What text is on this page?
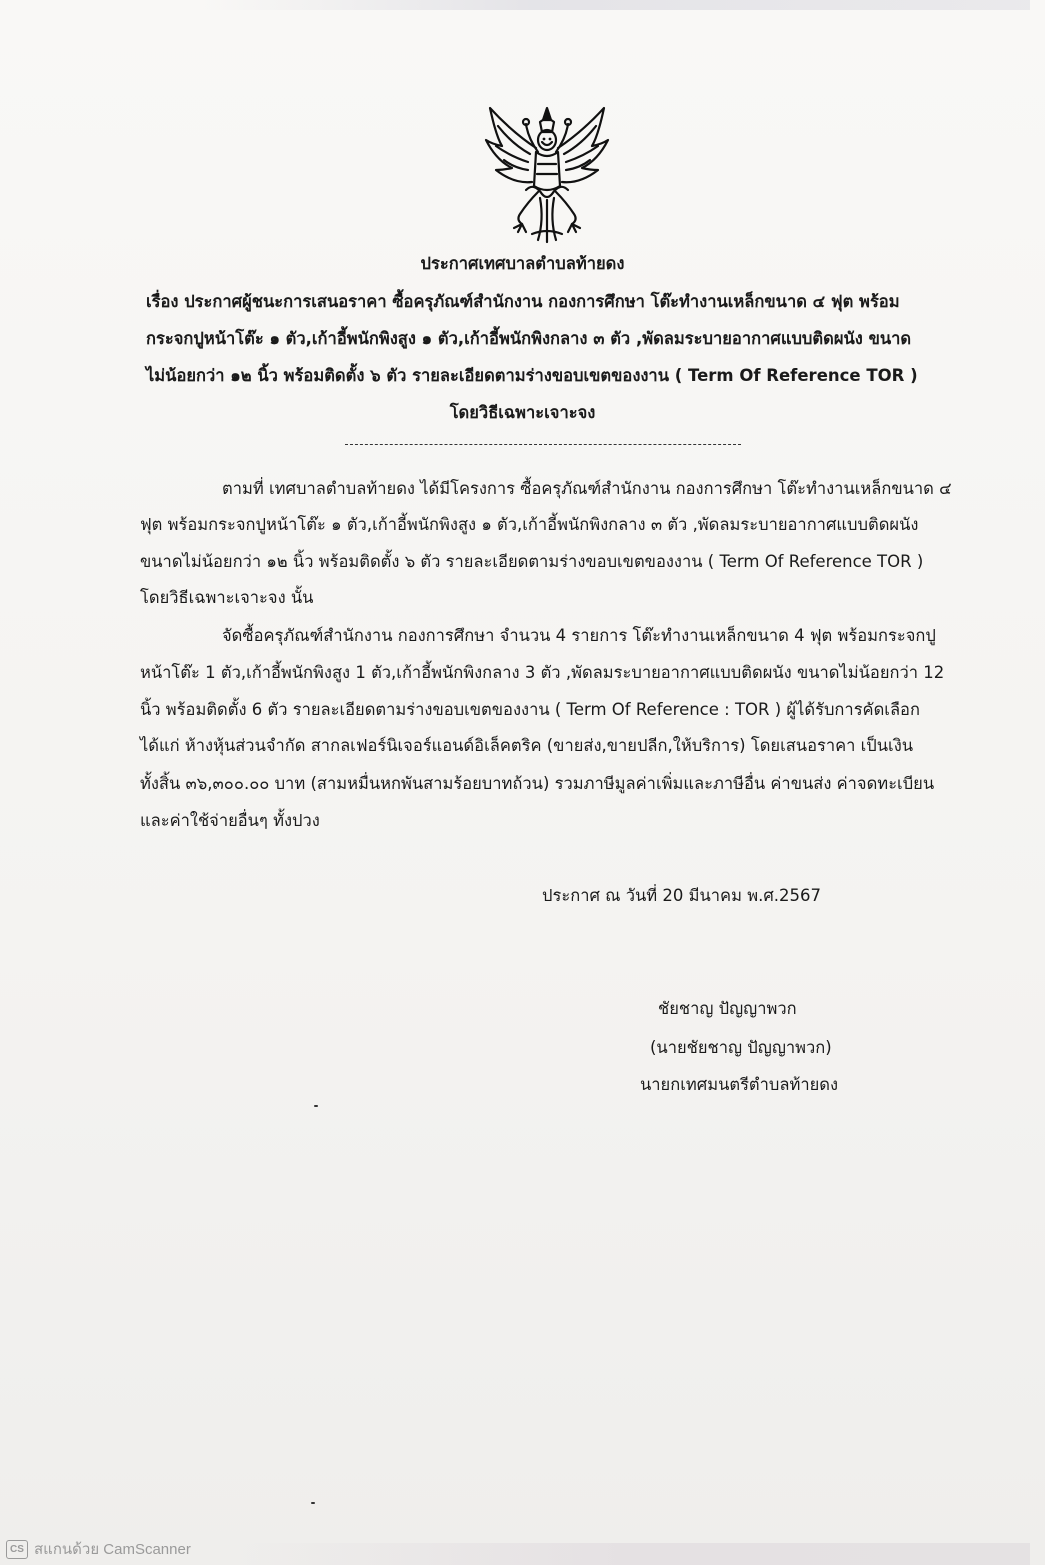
ประกาศเทศบาลตำบลท้ายดง
เรื่อง ประกาศผู้ชนะการเสนอราคา ซื้อครุภัณฑ์สำนักงาน กองการศึกษา โต๊ะทำงานเหล็กขนาด ๔ ฟุต พร้อม
กระจกปูหน้าโต๊ะ ๑ ตัว,เก้าอี้พนักพิงสูง ๑ ตัว,เก้าอี้พนักพิงกลาง ๓ ตัว ,พัดลมระบายอากาศแบบติดผนัง ขนาด
ไม่น้อยกว่า ๑๒ นิ้ว พร้อมติดตั้ง ๖ ตัว รายละเอียดตามร่างขอบเขตของงาน ( Term Of Reference TOR )
โดยวิธีเฉพาะเจาะจง
ตามที่ เทศบาลตำบลท้ายดง ได้มีโครงการ ซื้อครุภัณฑ์สำนักงาน กองการศึกษา โต๊ะทำงานเหล็กขนาด ๔
ฟุต พร้อมกระจกปูหน้าโต๊ะ ๑ ตัว,เก้าอี้พนักพิงสูง ๑ ตัว,เก้าอี้พนักพิงกลาง ๓ ตัว ,พัดลมระบายอากาศแบบติดผนัง
ขนาดไม่น้อยกว่า ๑๒ นิ้ว พร้อมติดตั้ง ๖ ตัว รายละเอียดตามร่างขอบเขตของงาน ( Term Of Reference TOR )
โดยวิธีเฉพาะเจาะจง นั้น
จัดซื้อครุภัณฑ์สำนักงาน กองการศึกษา จำนวน 4 รายการ โต๊ะทำงานเหล็กขนาด 4 ฟุต พร้อมกระจกปู
หน้าโต๊ะ 1 ตัว,เก้าอี้พนักพิงสูง 1 ตัว,เก้าอี้พนักพิงกลาง 3 ตัว ,พัดลมระบายอากาศแบบติดผนัง ขนาดไม่น้อยกว่า 12
นิ้ว พร้อมติดตั้ง 6 ตัว รายละเอียดตามร่างขอบเขตของงาน ( Term Of Reference : TOR ) ผู้ได้รับการคัดเลือก
ได้แก่ ห้างหุ้นส่วนจำกัด สากลเฟอร์นิเจอร์แอนด์อิเล็คตริค (ขายส่ง,ขายปลีก,ให้บริการ) โดยเสนอราคา เป็นเงิน
ทั้งสิ้น ๓๖,๓๐๐.๐๐ บาท (สามหมื่นหกพันสามร้อยบาทถ้วน) รวมภาษีมูลค่าเพิ่มและภาษีอื่น ค่าขนส่ง ค่าจดทะเบียน
และค่าใช้จ่ายอื่นๆ ทั้งปวง
ประกาศ ณ วันที่ 20 มีนาคม พ.ศ.2567
ชัยชาญ ปัญญาพวก
(นายชัยชาญ ปัญญาพวก)
นายกเทศมนตรีตำบลท้ายดง
CS สแกนด้วย CamScanner
